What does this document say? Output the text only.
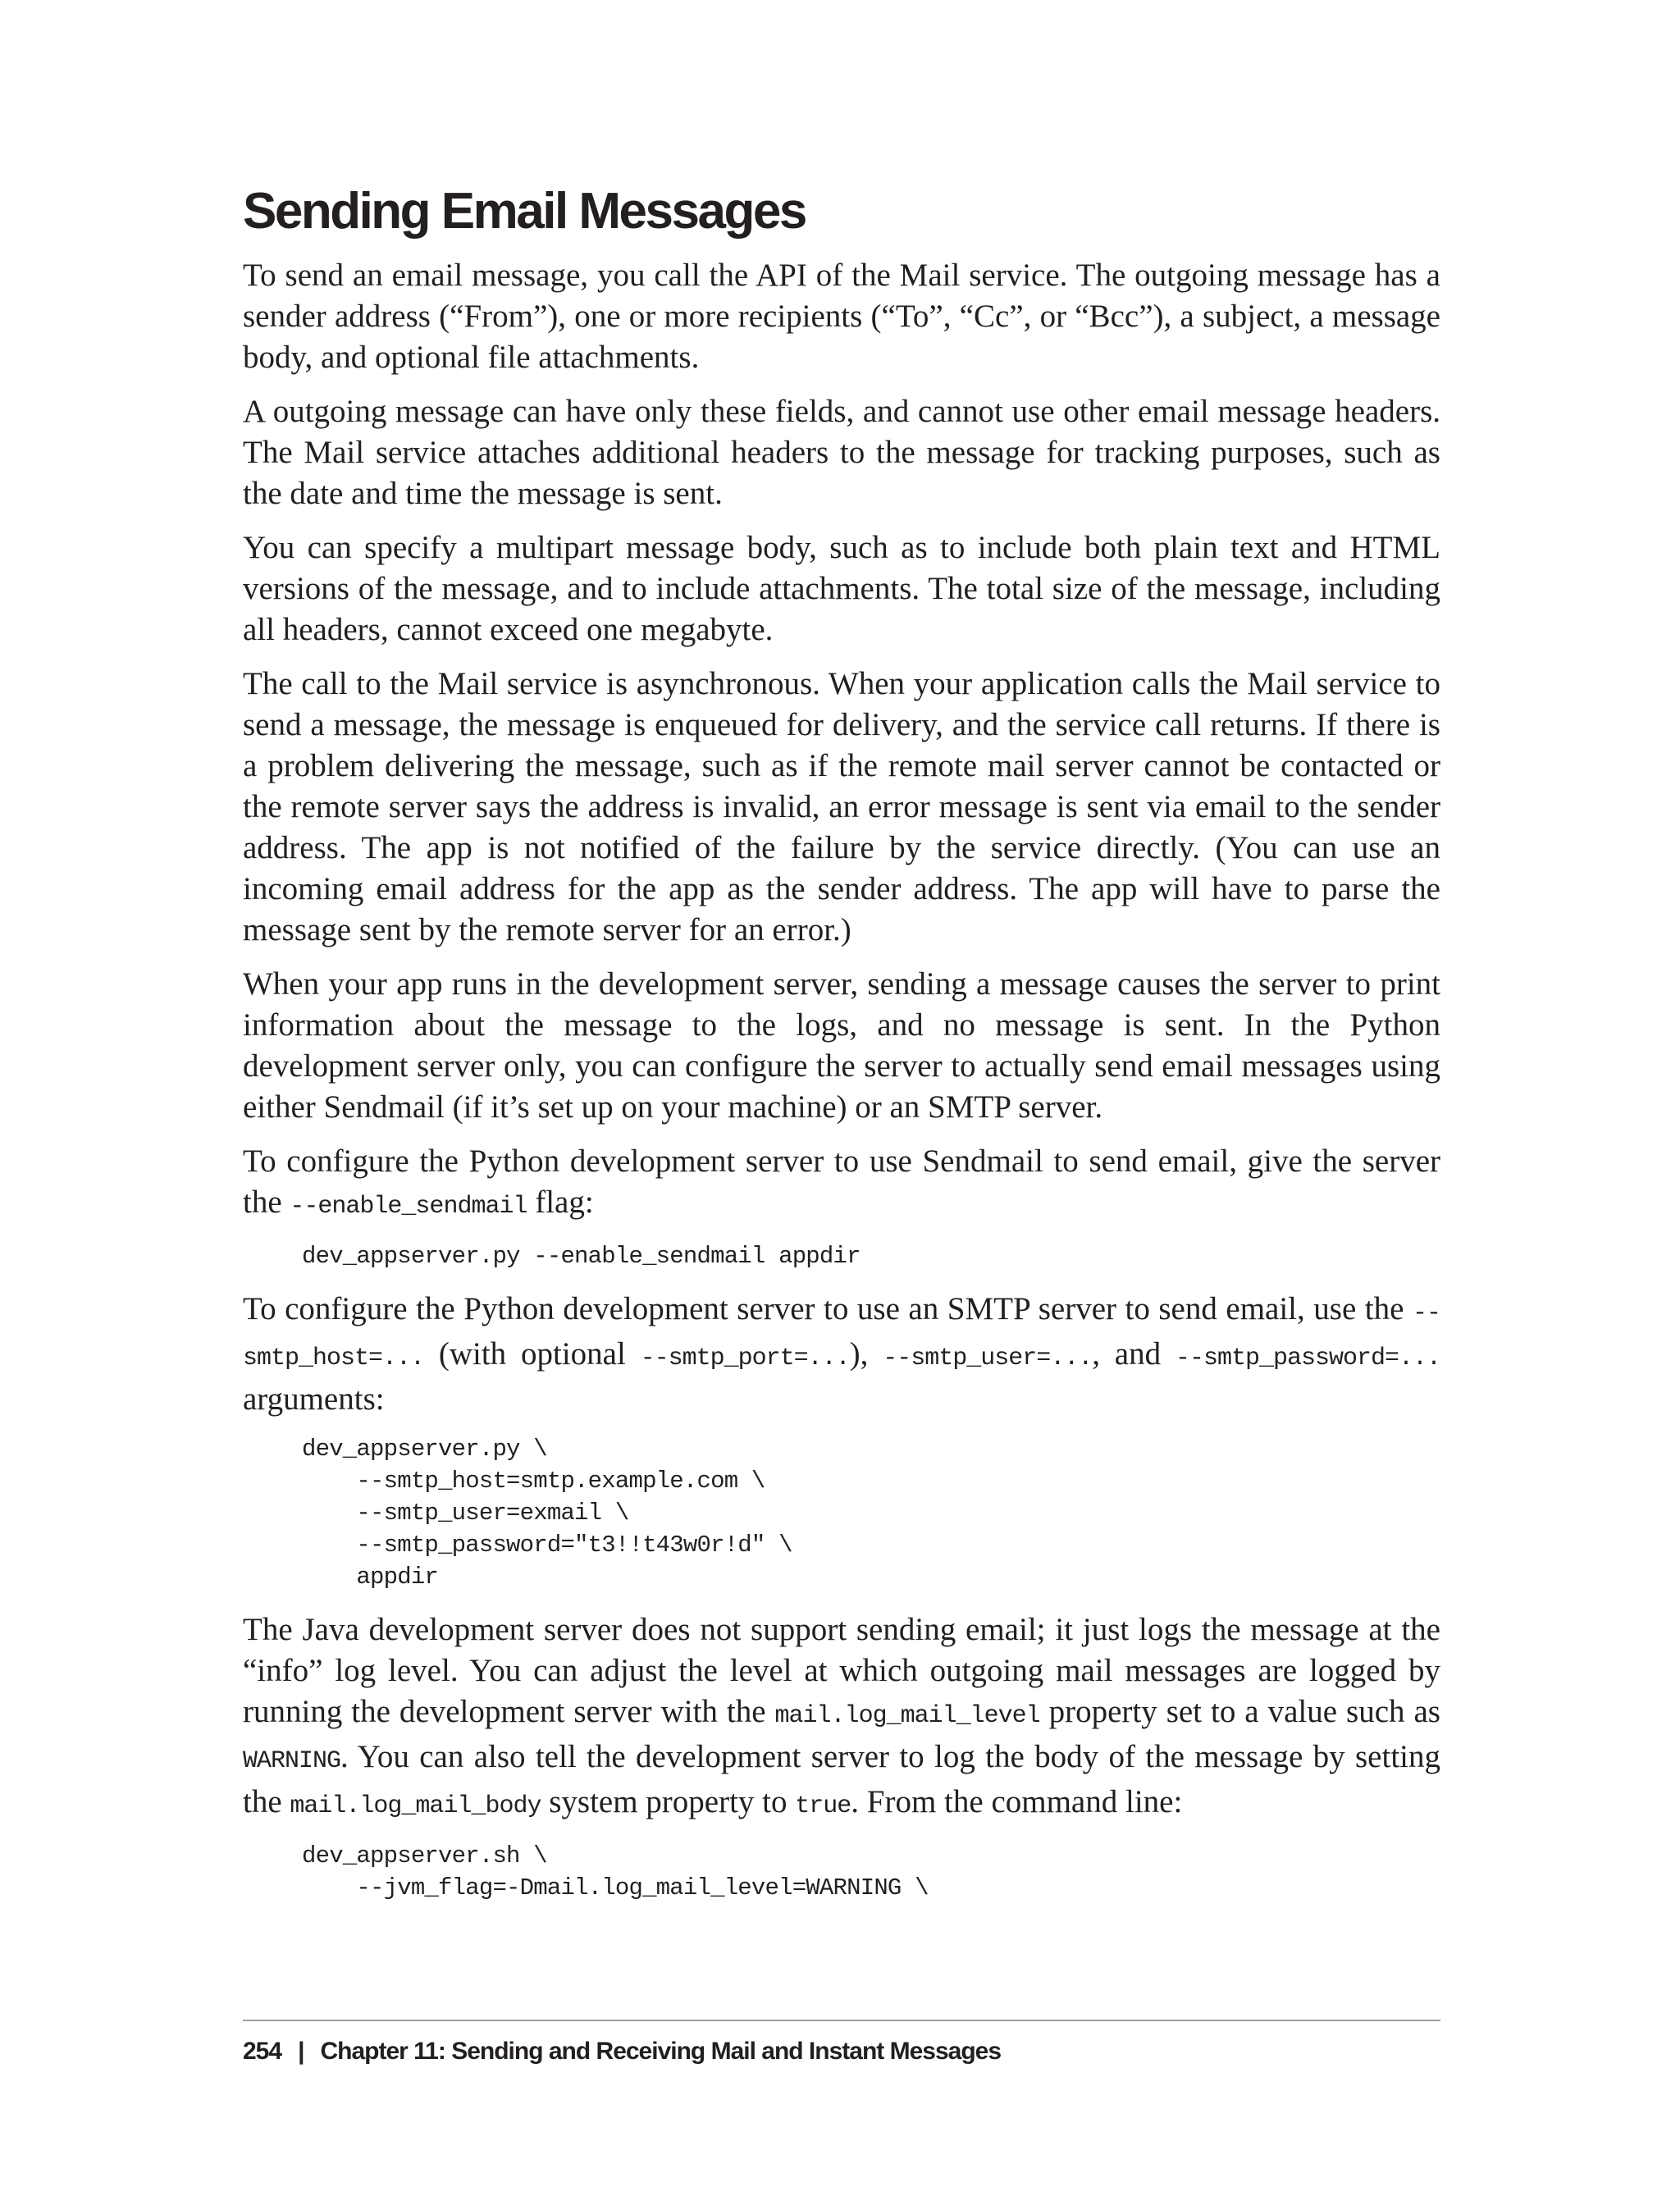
Sending Email Messages

To send an email message, you call the API of the Mail service. The outgoing message has a sender address (“From”), one or more recipients (“To”, “Cc”, or “Bcc”), a subject, a message body, and optional file attachments.

A outgoing message can have only these fields, and cannot use other email message headers. The Mail service attaches additional headers to the message for tracking purposes, such as the date and time the message is sent.

You can specify a multipart message body, such as to include both plain text and HTML versions of the message, and to include attachments. The total size of the message, including all headers, cannot exceed one megabyte.

The call to the Mail service is asynchronous. When your application calls the Mail service to send a message, the message is enqueued for delivery, and the service call returns. If there is a problem delivering the message, such as if the remote mail server cannot be contacted or the remote server says the address is invalid, an error message is sent via email to the sender address. The app is not notified of the failure by the service directly. (You can use an incoming email address for the app as the sender address. The app will have to parse the message sent by the remote server for an error.)

When your app runs in the development server, sending a message causes the server to print information about the message to the logs, and no message is sent. In the Python development server only, you can configure the server to actually send email messages using either Sendmail (if it’s set up on your machine) or an SMTP server.

To configure the Python development server to use Sendmail to send email, give the server the --enable_sendmail flag:

dev_appserver.py --enable_sendmail appdir

To configure the Python development server to use an SMTP server to send email, use the --smtp_host=... (with optional --smtp_port=...), --smtp_user=..., and --smtp_password=... arguments:

dev_appserver.py \
--smtp_host=smtp.example.com \
--smtp_user=exmail \
--smtp_password="t3!!t43w0r!d" \
appdir

The Java development server does not support sending email; it just logs the message at the “info” log level. You can adjust the level at which outgoing mail messages are logged by running the development server with the mail.log_mail_level property set to a value such as WARNING. You can also tell the development server to log the body of the message by setting the mail.log_mail_body system property to true. From the command line:

dev_appserver.sh \
--jvm_flag=-Dmail.log_mail_level=WARNING \
254 | Chapter 11: Sending and Receiving Mail and Instant Messages
